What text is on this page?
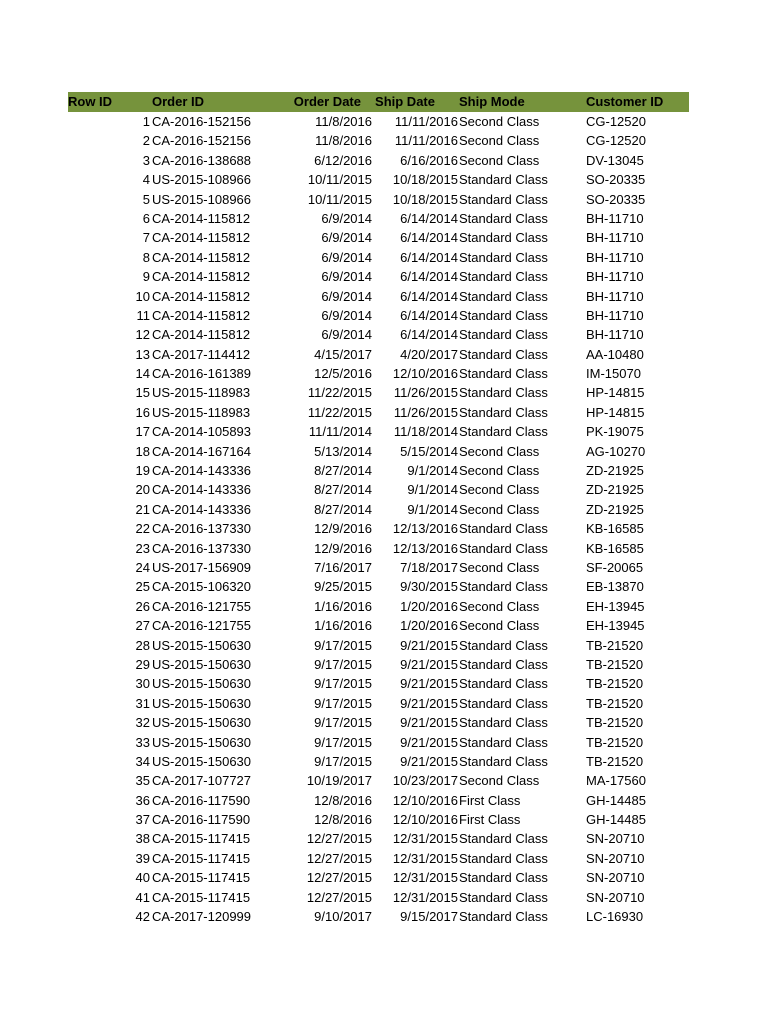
Row ID	Order ID	Order Date	Ship Date Ship Mode	Customer ID
1 CA-2016-152156	11/8/2016	11/11/2016 Second Class	CG-12520
2 CA-2016-152156	11/8/2016	11/11/2016 Second Class	CG-12520
3 CA-2016-138688	6/12/2016	6/16/2016 Second Class	DV-13045
4 US-2015-108966	10/11/2015	10/18/2015 Standard Class	SO-20335
5 US-2015-108966	10/11/2015	10/18/2015 Standard Class	SO-20335
6 CA-2014-115812	6/9/2014	6/14/2014 Standard Class	BH-11710
7 CA-2014-115812	6/9/2014	6/14/2014 Standard Class	BH-11710
8 CA-2014-115812	6/9/2014	6/14/2014 Standard Class	BH-11710
9 CA-2014-115812	6/9/2014	6/14/2014 Standard Class	BH-11710
10 CA-2014-115812	6/9/2014	6/14/2014 Standard Class	BH-11710
11 CA-2014-115812	6/9/2014	6/14/2014 Standard Class	BH-11710
12 CA-2014-115812	6/9/2014	6/14/2014 Standard Class	BH-11710
13 CA-2017-114412	4/15/2017	4/20/2017 Standard Class	AA-10480
14 CA-2016-161389	12/5/2016	12/10/2016 Standard Class	IM-15070
15 US-2015-118983	11/22/2015	11/26/2015 Standard Class	HP-14815
16 US-2015-118983	11/22/2015	11/26/2015 Standard Class	HP-14815
17 CA-2014-105893	11/11/2014	11/18/2014 Standard Class	PK-19075
18 CA-2014-167164	5/13/2014	5/15/2014 Second Class	AG-10270
19 CA-2014-143336	8/27/2014	9/1/2014 Second Class	ZD-21925
20 CA-2014-143336	8/27/2014	9/1/2014 Second Class	ZD-21925
21 CA-2014-143336	8/27/2014	9/1/2014 Second Class	ZD-21925
22 CA-2016-137330	12/9/2016	12/13/2016 Standard Class	KB-16585
23 CA-2016-137330	12/9/2016	12/13/2016 Standard Class	KB-16585
24 US-2017-156909	7/16/2017	7/18/2017 Second Class	SF-20065
25 CA-2015-106320	9/25/2015	9/30/2015 Standard Class	EB-13870
26 CA-2016-121755	1/16/2016	1/20/2016 Second Class	EH-13945
27 CA-2016-121755	1/16/2016	1/20/2016 Second Class	EH-13945
28 US-2015-150630	9/17/2015	9/21/2015 Standard Class	TB-21520
29 US-2015-150630	9/17/2015	9/21/2015 Standard Class	TB-21520
30 US-2015-150630	9/17/2015	9/21/2015 Standard Class	TB-21520
31 US-2015-150630	9/17/2015	9/21/2015 Standard Class	TB-21520
32 US-2015-150630	9/17/2015	9/21/2015 Standard Class	TB-21520
33 US-2015-150630	9/17/2015	9/21/2015 Standard Class	TB-21520
34 US-2015-150630	9/17/2015	9/21/2015 Standard Class	TB-21520
35 CA-2017-107727	10/19/2017	10/23/2017 Second Class	MA-17560
36 CA-2016-117590	12/8/2016	12/10/2016 First Class	GH-14485
37 CA-2016-117590	12/8/2016	12/10/2016 First Class	GH-14485
38 CA-2015-117415	12/27/2015	12/31/2015 Standard Class	SN-20710
39 CA-2015-117415	12/27/2015	12/31/2015 Standard Class	SN-20710
40 CA-2015-117415	12/27/2015	12/31/2015 Standard Class	SN-20710
41 CA-2015-117415	12/27/2015	12/31/2015 Standard Class	SN-20710
42 CA-2017-120999	9/10/2017	9/15/2017 Standard Class	LC-16930
